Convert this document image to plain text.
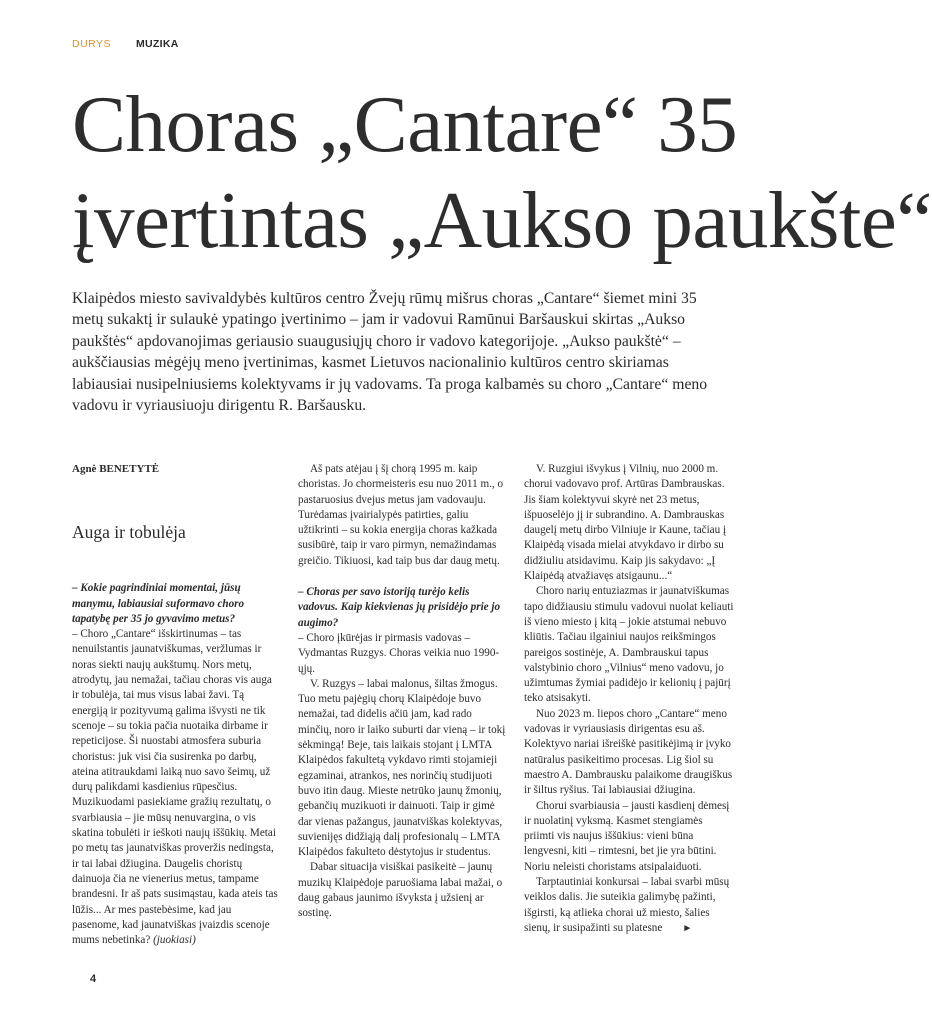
DURYS MUZIKA
Choras „Cantare“ 35
įvertintas „Aukso paukšte“

Klaipėdos miesto savivaldybės kultūros centro Žvejų rūmų mišrus choras „Cantare“ šiemet mini 35 metų sukaktį ir sulaukė ypatingo įvertinimo – jam ir vadovui Ramūnui Baršauskui skirtas „Aukso paukštės“ apdovanojimas geriausio suaugusiųjų choro ir vadovo kategorijoje. „Aukso paukštė“ – aukščiausias mėgėjų meno įvertinimas, kasmet Lietuvos nacionalinio kultūros centro skiriamas labiausiai nusipelniusiems kolektyvams ir jų vadovams. Ta proga kalbamės su choro „Cantare“ meno vadovu ir vyriausiuoju dirigentu R. Baršausku.

Agnė BENETYTĖ
Auga ir tobulėja

– Kokie pagrindiniai momentai, jūsų manymu, labiausiai suformavo choro tapatybę per 35 jo gyvavimo metus?

– Choro „Cantare“ išskirtinumas – tas nenuilstantis jaunatviškumas, veržlumas ir noras siekti naujų aukštumų. Nors metų, atrodytų, jau nemažai, tačiau choras vis auga ir tobulėja, tai mus visus labai žavi. Tą energiją ir pozityvumą galima išvysti ne tik scenoje – su tokia pačia nuotaika dirbame ir repeticijose. Ši nuostabi atmosfera suburia choristus: juk visi čia susirenka po darbų, ateina atitraukdami laiką nuo savo šeimų, už durų palikdami kasdienius rūpesčius. Muzikuodami pasiekiame gražių rezultatų, o svarbiausia – jie mūsų nenuvargina, o vis skatina tobulėti ir ieškoti naujų iššūkių. Metai po metų tas jaunatviškas proveržis nedingsta, ir tai labai džiugina. Daugelis choristų dainuoja čia ne vienerius metus, tampame brandesni. Ir aš pats susimąstau, kada ateis tas lūžis... Ar mes pastebėsime, kad jau pasenome, kad jaunatviškas įvaizdis scenoje mums nebetinka? (juokiasi)

Aš pats atėjau į šį chorą 1995 m. kaip choristas. Jo chormeisteris esu nuo 2011 m., o pastaruosius dvejus metus jam vadovauju. Turėdamas įvairialypės patirties, galiu užtikrinti – su kokia energija choras kažkada susibūrė, taip ir varo pirmyn, nemažindamas greičio. Tikiuosi, kad taip bus dar daug metų.

– Choras per savo istoriją turėjo kelis vadovus. Kaip kiekvienas jų prisidėjo prie jo augimo?

– Choro įkūrėjas ir pirmasis vadovas – Vydmantas Ruzgys. Choras veikia nuo 1990-ųjų.

V. Ruzgys – labai malonus, šiltas žmogus. Tuo metu pajėgių chorų Klaipėdoje buvo nemažai, tad didelis ačiū jam, kad rado minčių, noro ir laiko suburti dar vieną – ir tokį sėkmingą! Beje, tais laikais stojant į LMTA Klaipėdos fakultetą vykdavo rimti stojamieji egzaminai, atrankos, nes norinčių studijuoti buvo itin daug. Mieste netrūko jaunų žmonių, gebančių muzikuoti ir dainuoti. Taip ir gimė dar vienas pažangus, jaunatviškas kolektyvas, suvienijęs didžiąją dalį profesionalų – LMTA Klaipėdos fakulteto dėstytojus ir studentus.

Dabar situacija visiškai pasikeitė – jaunų muzikų Klaipėdoje paruošiama labai mažai, o daug gabaus jaunimo išvyksta į užsienį ar sostinę.

V. Ruzgiui išvykus į Vilnių, nuo 2000 m. chorui vadovavo prof. Artūras Dambrauskas. Jis šiam kolektyvui skyrė net 23 metus, išpuoselėjo jį ir subrandino. A. Dambrauskas daugelį metų dirbo Vilniuje ir Kaune, tačiau į Klaipėdą visada mielai atvykdavo ir dirbo su didžiuliu atsidavimu. Kaip jis sakydavo: „Į Klaipėdą atvažiavęs atsigaunu...“

Choro narių entuziazmas ir jaunatviškumas tapo didžiausiu stimulu vadovui nuolat keliauti iš vieno miesto į kitą – jokie atstumai nebuvo kliūtis. Tačiau ilgainiui naujos reikšmingos pareigos sostinėje, A. Dambrauskui tapus valstybinio choro „Vilnius“ meno vadovu, jo užimtumas žymiai padidėjo ir kelionių į pajūrį teko atsisakyti.

Nuo 2023 m. liepos choro „Cantare“ meno vadovas ir vyriausiasis dirigentas esu aš. Kolektyvo nariai išreiškė pasitikėjimą ir įvyko natūralus pasikeitimo procesas. Lig šiol su maestro A. Dambrausku palaikome draugiškus ir šiltus ryšius. Tai labiausiai džiugina.

Chorui svarbiausia – jausti kasdienį dėmesį ir nuolatinį vyksmą. Kasmet stengiamės priimti vis naujus iššūkius: vieni būna lengvesni, kiti – rimtesni, bet jie yra būtini. Noriu neleisti choristams atsipalaiduoti.

Tarptautiniai konkursai – labai svarbi mūsų veiklos dalis. Jie suteikia galimybę pažinti, išgirsti, ką atlieka chorai už miesto, šalies sienų, ir susipažinti su platesne ►

4
